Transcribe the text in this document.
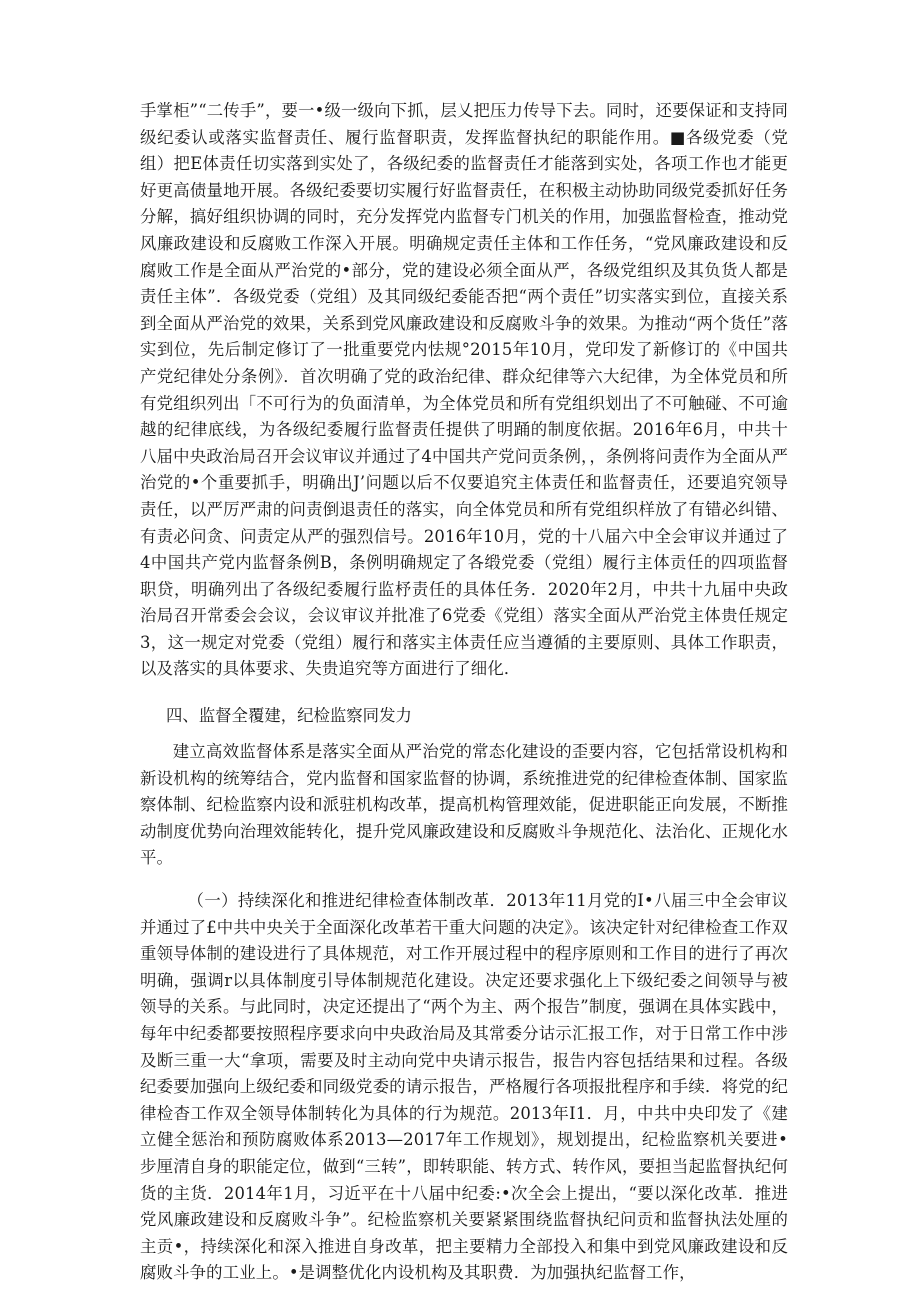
手掌柜”“二传手”，要一•级一级向下抓，层乂把压力传导下去。同时，还要保证和支持同级纪委认或落实监督责任、履行监督职责，发挥监督执纪的职能作用。■各级党委（党组）把E体责任切实落到实处了，各级纪委的监督责任才能落到实处，各项工作也才能更好更高债量地开展。各级纪委要切实履行好监督责任，在积极主动协助同级党委抓好任务分解，搞好组织协调的同时，充分发挥党内监督专门机关的作用，加强监督检查，推动党风廉政建设和反腐败工作深入开展。明确规定责任主体和工作任务，“党风廉政建设和反腐败工作是全面从严治党的•部分，党的建设必须全面从严，各级党组织及其负货人都是责任主体”．各级党委（党组）及其同级纪委能否把“两个责任”切实落实到位，直接关系到全面从严治党的效果，关系到党风廉政建设和反腐败斗争的效果。为推动“两个货任”落实到位，先后制定修订了一批重要党内怯规°2015年10月，党印发了新修订的《中国共产党纪律处分条例》．首次明确了党的政治纪律、群众纪律等六大纪律，为全体党员和所有党组织列出「不可行为的负面清单，为全体党员和所有党组织划出了不可触碰、不可逾越的纪律底线，为各级纪委履行监督责任提供了明踊的制度依据。2016年6月，中共十八届中央政治局召开会议审议并通过了4中国共产党问贡条例，，条例将问责作为全面从严治党的•个重要抓手，明确出J’问题以后不仅要追究主体责任和监督责任，还要追究领导责任，以严厉严肃的问责倒退责任的落实，向全体党员和所有党组织样放了有错必纠错、有责必问贪、问责定从严的强烈信号。2016年10月，党的十八届六中全会审议并通过了4中国共产党内监督条例B，条例明确规定了各缎党委（党组）履行主体贡任的四项监督职贷，明确列出了各级纪委履行监杼责任的具体任务．2020年2月，中共十九届中央政治局召开常委会会议，会议审议并批准了6党委《党组）落实全面从严治党主体贵任规定3，这一规定对党委（党组）履行和落实主体责任应当遵循的主要原则、具体工作职责，以及落实的具体要求、失贵追究等方面进行了细化．

四、监督全覆建，纪检监察同发力

建立高效监督体系是落实全面从严治党的常态化建设的歪要内容，它包括常设机构和新设机构的统筹结合，党内监督和国家监督的协调，系统推进党的纪律检查体制、国家监察体制、纪检监察内设和派驻机构改革，提高机构管理效能，促进职能正向发展，不断推动制度优势向治理效能转化，提升党风廉政建设和反腐败斗争规范化、法治化、正规化水平。

（一）持续深化和推进纪律检查体制改革．2013年11月党的I•八届三中全会审议并通过了£中共中央关于全面深化改革若干重大问题的决定》。该决定针对纪律检查工作双重领导体制的建设进行了具体规范，对工作开展过程中的程序原则和工作目的进行了再次明确，强调r以具体制度引导体制规范化建设。决定还要求强化上下级纪委之间领导与被领导的关系。与此同时，决定还提出了“两个为主、两个报告”制度，强调在具体实践中，每年中纪委都要按照程序要求向中央政治局及其常委分诂示汇报工作，对于日常工作中涉及断三重一大“拿项，需要及时主动向党中央请示报告，报告内容包括结果和过程。各级纪委要加强向上级纪委和同级党委的请示报告，严格履行各项报批程序和手续．将党的纪律检杳工作双全领导体制转化为具体的行为规范。2013年I1．月，中共中央印发了《建立健全惩治和预防腐败体系2013—2017年工作规划》，规划提出，纪检监察机关要进•步厘清自身的职能定位，做到“三转”，即转职能、转方式、转作风，要担当起监督执纪何货的主货．2014年1月，习近平在十八届中纪委:•次全会上提出，“要以深化改革．推进党风廉政建设和反腐败斗争”。纪检监察机关要紧紧围绕监督执纪问贡和监督执法处厘的主贡•，持续深化和深入推进自身改革，把主要精力全部投入和集中到党风廉政建设和反腐败斗争的工业上。•是调整优化内设机构及其职费．为加强执纪监督工作，
